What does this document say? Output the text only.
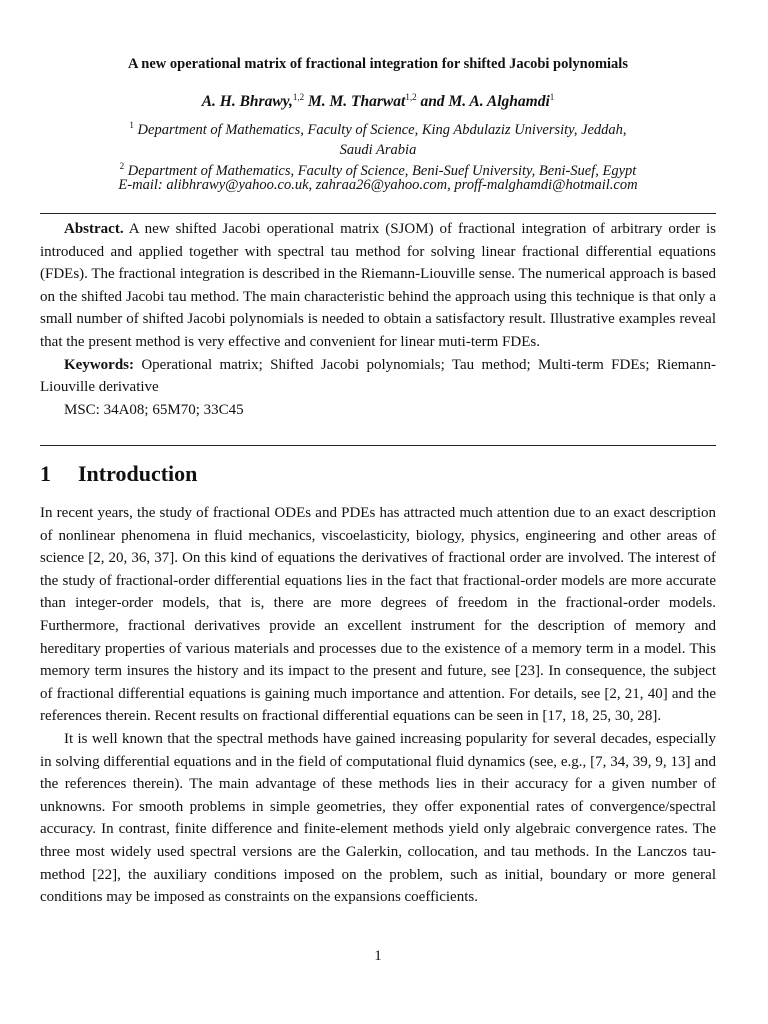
A new operational matrix of fractional integration for shifted Jacobi polynomials
A. H. Bhrawy,$^{1,2}$ M. M. Tharwat$^{1,2}$ and M. A. Alghamdi$^1$
$^1$ Department of Mathematics, Faculty of Science, King Abdulaziz University, Jeddah,
Saudi Arabia
$^2$ Department of Mathematics, Faculty of Science, Beni-Suef University, Beni-Suef, Egypt
E-mail: alibhrawy@yahoo.co.uk, zahraa26@yahoo.com, proff-malghamdi@hotmail.com

Abstract. A new shifted Jacobi operational matrix (SJOM) of fractional integration of arbitrary order is introduced and applied together with spectral tau method for solving linear fractional differential equations (FDEs). The fractional integration is described in the Riemann-Liouville sense. The numerical approach is based on the shifted Jacobi tau method. The main characteristic behind the approach using this technique is that only a small number of shifted Jacobi polynomials is needed to obtain a satisfactory result. Illustrative examples reveal that the present method is very effective and convenient for linear muti-term FDEs.

Keywords: Operational matrix; Shifted Jacobi polynomials; Tau method; Multi-term FDEs; Riemann-Liouville derivative

MSC: 34A08; 65M70; 33C45

1 Introduction

In recent years, the study of fractional ODEs and PDEs has attracted much attention due to an exact description of nonlinear phenomena in fluid mechanics, viscoelasticity, biology, physics, engineering and other areas of science [2, 20, 36, 37]. On this kind of equations the derivatives of fractional order are involved. The interest of the study of fractional-order differential equations lies in the fact that fractional-order models are more accurate than integer-order models, that is, there are more degrees of freedom in the fractional-order models. Furthermore, fractional derivatives provide an excellent instrument for the description of memory and hereditary properties of various materials and processes due to the existence of a memory term in a model. This memory term insures the history and its impact to the present and future, see [23]. In consequence, the subject of fractional differential equations is gaining much importance and attention. For details, see [2, 21, 40] and the references therein. Recent results on fractional differential equations can be seen in [17, 18, 25, 30, 28].

It is well known that the spectral methods have gained increasing popularity for several decades, especially in solving differential equations and in the field of computational fluid dynamics (see, e.g., [7, 34, 39, 9, 13] and the references therein). The main advantage of these methods lies in their accuracy for a given number of unknowns. For smooth problems in simple geometries, they offer exponential rates of convergence/spectral accuracy. In contrast, finite difference and finite-element methods yield only algebraic convergence rates. The three most widely used spectral versions are the Galerkin, collocation, and tau methods. In the Lanczos tau-method [22], the auxiliary conditions imposed on the problem, such as initial, boundary or more general conditions may be imposed as constraints on the expansions coefficients.

1
